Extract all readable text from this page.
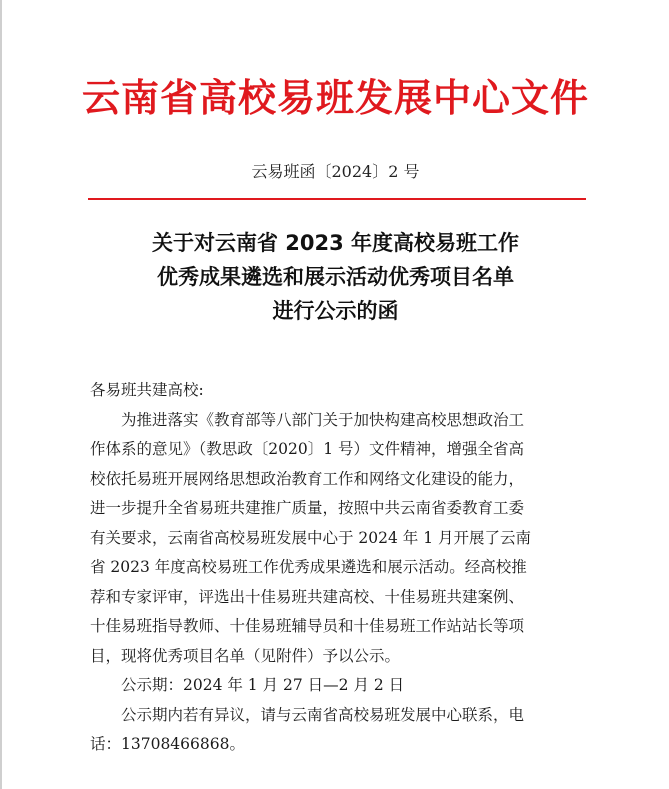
云南省高校易班发展中心文件
云易班函〔2024〕2 号
关于对云南省 2023 年度高校易班工作
优秀成果遴选和展示活动优秀项目名单
进行公示的函
各易班共建高校:
为推进落实《教育部等八部门关于加快构建高校思想政治工
作体系的意见》（教思政〔2020〕1 号）文件精神，增强全省高
校依托易班开展网络思想政治教育工作和网络文化建设的能力，
进一步提升全省易班共建推广质量，按照中共云南省委教育工委
有关要求，云南省高校易班发展中心于 2024 年 1 月开展了云南
省 2023 年度高校易班工作优秀成果遴选和展示活动。经高校推
荐和专家评审，评选出十佳易班共建高校、十佳易班共建案例、
十佳易班指导教师、十佳易班辅导员和十佳易班工作站站长等项
目，现将优秀项目名单（见附件）予以公示。
公示期：2024 年 1 月 27 日—2 月 2 日
公示期内若有异议，请与云南省高校易班发展中心联系，电
话：13708466868。
